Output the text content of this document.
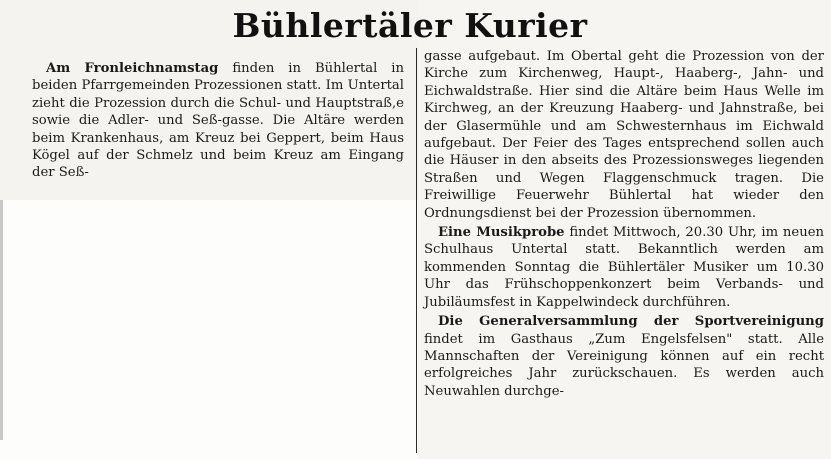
Bühlertäler Kurier

Am Fronleichnamstag finden in Bühlertal in beiden Pfarrgemeinden Prozessionen statt. Im Untertal zieht die Prozession durch die Schul- und Hauptstraß,e sowie die Adler- und Seß-gasse. Die Altäre werden beim Krankenhaus, am Kreuz bei Geppert, beim Haus Kögel auf der Schmelz und beim Kreuz am Eingang der Seß-

gasse aufgebaut. Im Obertal geht die Prozession von der Kirche zum Kirchenweg, Haupt-, Haaberg-, Jahn- und Eichwaldstraße. Hier sind die Altäre beim Haus Welle im Kirchweg, an der Kreuzung Haaberg- und Jahnstraße, bei der Glasermühle und am Schwesternhaus im Eichwald aufgebaut. Der Feier des Tages entsprechend sollen auch die Häuser in den abseits des Prozessionsweges liegenden Straßen und Wegen Flaggenschmuck tragen. Die Freiwillige Feuerwehr Bühlertal hat wieder den Ordnungsdienst bei der Prozession übernommen.

Eine Musikprobe findet Mittwoch, 20.30 Uhr, im neuen Schulhaus Untertal statt. Bekanntlich werden am kommenden Sonntag die Bühlertäler Musiker um 10.30 Uhr das Frühschoppenkonzert beim Verbands- und Jubiläumsfest in Kappelwindeck durchführen.

Die Generalversammlung der Sportvereinigung findet im Gasthaus „Zum Engelsfelsen" statt. Alle Mannschaften der Vereinigung können auf ein recht erfolgreiches Jahr zurückschauen. Es werden auch Neuwahlen durchge-
